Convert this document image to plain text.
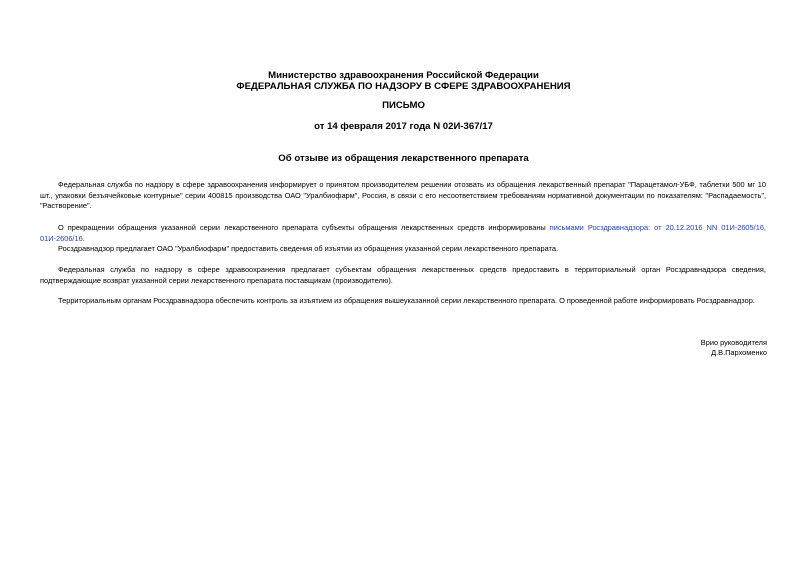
Министерство здравоохранения Российской Федерации
ФЕДЕРАЛЬНАЯ СЛУЖБА ПО НАДЗОРУ В СФЕРЕ ЗДРАВООХРАНЕНИЯ
ПИСЬМО
от 14 февраля 2017 года N 02И-367/17
Об отзыве из обращения лекарственного препарата

Федеральная служба по надзору в сфере здравоохранения информирует о принятом производителем решении отозвать из обращения лекарственный препарат "Парацетамол-УБФ, таблетки 500 мг 10 шт., упаковки безъячейковые контурные" серии 400815 производства ОАО "Уралбиофарм", Россия, в связи с его несоответствием требованиям нормативной документации по показателям: "Распадаемость", "Растворение".

О прекращении обращения указанной серии лекарственного препарата субъекты обращения лекарственных средств информированы письмами Росздравнадзора: от 20.12.2016 NN 01И-2605/16, 01И-2606/16.

Росздравнадзор предлагает ОАО "Уралбиофарм" предоставить сведения об изъятии из обращения указанной серии лекарственного препарата.

Федеральная служба по надзору в сфере здравоохранения предлагает субъектам обращения лекарственных средств предоставить в территориальный орган Росздравнадзора сведения, подтверждающие возврат указанной серии лекарственного препарата поставщикам (производителю).

Территориальным органам Росздравнадзора обеспечить контроль за изъятием из обращения вышеуказанной серии лекарственного препарата. О проведенной работе информировать Росздравнадзор.

Врио руководителя
Д.В.Пархоменко
